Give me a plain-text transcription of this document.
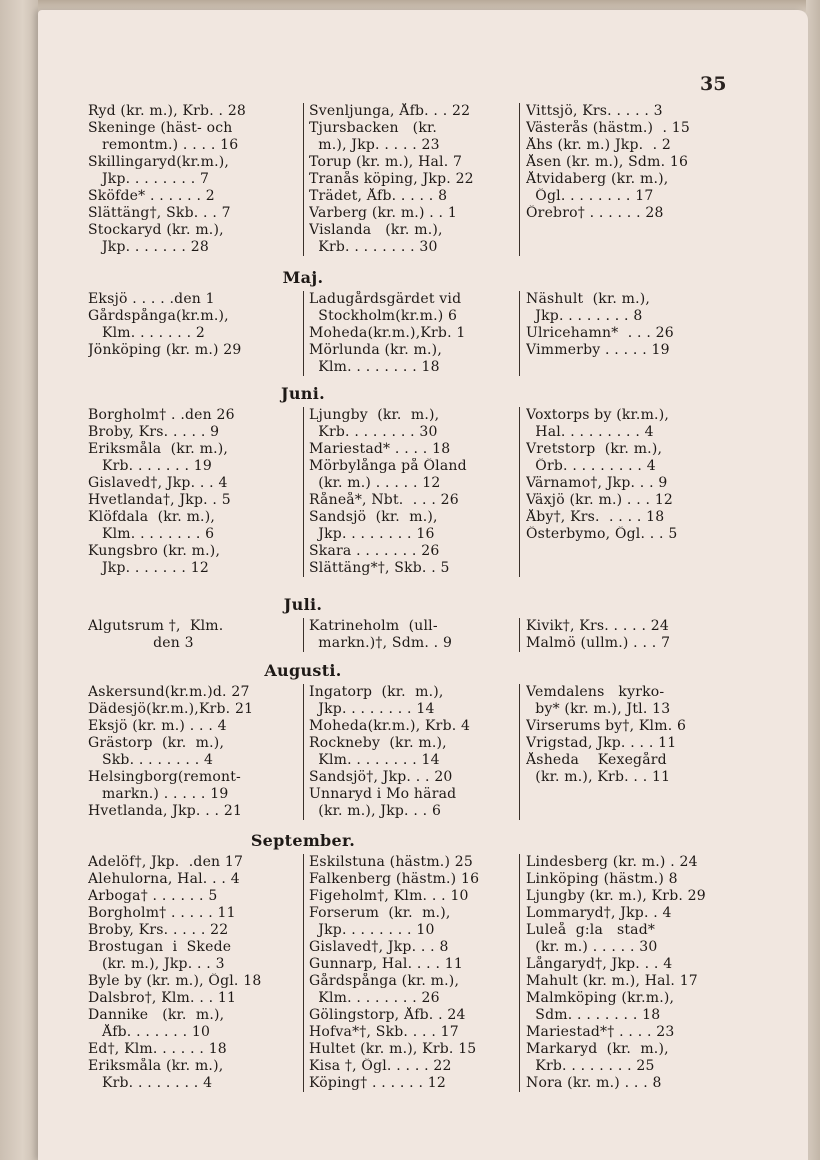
35
Ryd (kr. m.), Krb. . 28
Skeninge (häst- och
remontm.) . . . . 16
Skillingaryd(kr.m.),
Jkp. . . . . . . . 7
Sköfde* . . . . . . 2
Slättäng†, Skb. . . 7
Stockaryd (kr. m.),
Jkp. . . . . . . 28
Svenljunga, Åfb. . . 22
Tjursbacken   (kr.
m.), Jkp. . . . . 23
Torup (kr. m.), Hal. 7
Tranås köping, Jkp. 22
Trädet, Åfb. . . . . 8
Varberg (kr. m.) . . 1
Vislanda   (kr. m.),
Krb. . . . . . . . 30
Vittsjö, Krs. . . . . 3
Västerås (hästm.)  . 15
Åhs (kr. m.) Jkp.  . 2
Åsen (kr. m.), Sdm. 16
Åtvidaberg (kr. m.),
Ögl. . . . . . . . 17
Örebro† . . . . . . 28
Maj.
Eksjö . . . . .den 1
Gårdspånga(kr.m.),
Klm. . . . . . . 2
Jönköping (kr. m.) 29
Ladugårdsgärdet vid
Stockholm(kr.m.) 6
Moheda(kr.m.),Krb. 1
Mörlunda (kr. m.),
Klm. . . . . . . . 18
Näshult  (kr. m.),
Jkp. . . . . . . . 8
Ulricehamn*  . . . 26
Vimmerby . . . . . 19
Juni.
Borgholm† . .den 26
Broby, Krs. . . . . 9
Eriksmåla  (kr. m.),
Krb. . . . . . . 19
Gislaved†, Jkp. . . 4
Hvetlanda†, Jkp. . 5
Klöfdala  (kr. m.),
Klm. . . . . . . . 6
Kungsbro (kr. m.),
Jkp. . . . . . . 12
Ljungby  (kr.  m.),
Krb. . . . . . . . 30
Mariestad* . . . . 18
Mörbylånga på Öland
(kr. m.) . . . . . 12
Råneå*, Nbt.  . . . 26
Sandsjö  (kr.  m.),
Jkp. . . . . . . . 16
Skara . . . . . . . 26
Slättäng*†, Skb. . 5
Voxtorps by (kr.m.),
Hal. . . . . . . . . 4
Vretstorp  (kr. m.),
Örb. . . . . . . . . 4
Värnamo†, Jkp. . . 9
Växjö (kr. m.) . . . 12
Åby†, Krs.  . . . . 18
Österbymo, Ögl. . . 5
Juli.
Algutsrum †,  Klm.
den 3
Katrineholm  (ull-
markn.)†, Sdm. . 9
Kivik†, Krs. . . . . 24
Malmö (ullm.) . . . 7
Augusti.
Askersund(kr.m.)d. 27
Dädesjö(kr.m.),Krb. 21
Eksjö (kr. m.) . . . 4
Grästorp  (kr.  m.),
Skb. . . . . . . . 4
Helsingborg(remont-
markn.) . . . . . 19
Hvetlanda, Jkp. . . 21
Ingatorp  (kr.  m.),
Jkp. . . . . . . . 14
Moheda(kr.m.), Krb. 4
Rockneby  (kr. m.),
Klm. . . . . . . . 14
Sandsjö†, Jkp. . . 20
Unnaryd i Mo härad
(kr. m.), Jkp. . . 6
Vemdalens   kyrko-
by* (kr. m.), Jtl. 13
Virserums by†, Klm. 6
Vrigstad, Jkp. . . . 11
Åsheda    Kexegård
(kr. m.), Krb. . . 11
September.
Adelöf†, Jkp.  .den 17
Alehulorna, Hal. . . 4
Arboga† . . . . . . 5
Borgholm† . . . . . 11
Broby, Krs. . . . . 22
Brostugan  i  Skede
(kr. m.), Jkp. . . 3
Byle by (kr. m.), Ögl. 18
Dalsbro†, Klm. . . 11
Dannike   (kr.  m.),
Åfb. . . . . . . 10
Ed†, Klm. . . . . . 18
Eriksmåla (kr. m.),
Krb. . . . . . . . 4
Eskilstuna (hästm.) 25
Falkenberg (hästm.) 16
Figeholm†, Klm. . . 10
Forserum  (kr.  m.),
Jkp. . . . . . . . 10
Gislaved†, Jkp. . . 8
Gunnarp, Hal. . . . 11
Gårdspånga (kr. m.),
Klm. . . . . . . . 26
Gölingstorp, Åfb. . 24
Hofva*†, Skb. . . . 17
Hultet (kr. m.), Krb. 15
Kisa †, Ögl. . . . . 22
Köping† . . . . . . 12
Lindesberg (kr. m.) . 24
Linköping (hästm.) 8
Ljungby (kr. m.), Krb. 29
Lommaryd†, Jkp. . 4
Luleå  g:la   stad*
(kr. m.) . . . . . 30
Långaryd†, Jkp. . . 4
Mahult (kr. m.), Hal. 17
Malmköping (kr.m.),
Sdm. . . . . . . . 18
Mariestad*† . . . . 23
Markaryd  (kr.  m.),
Krb. . . . . . . . 25
Nora (kr. m.) . . . 8
